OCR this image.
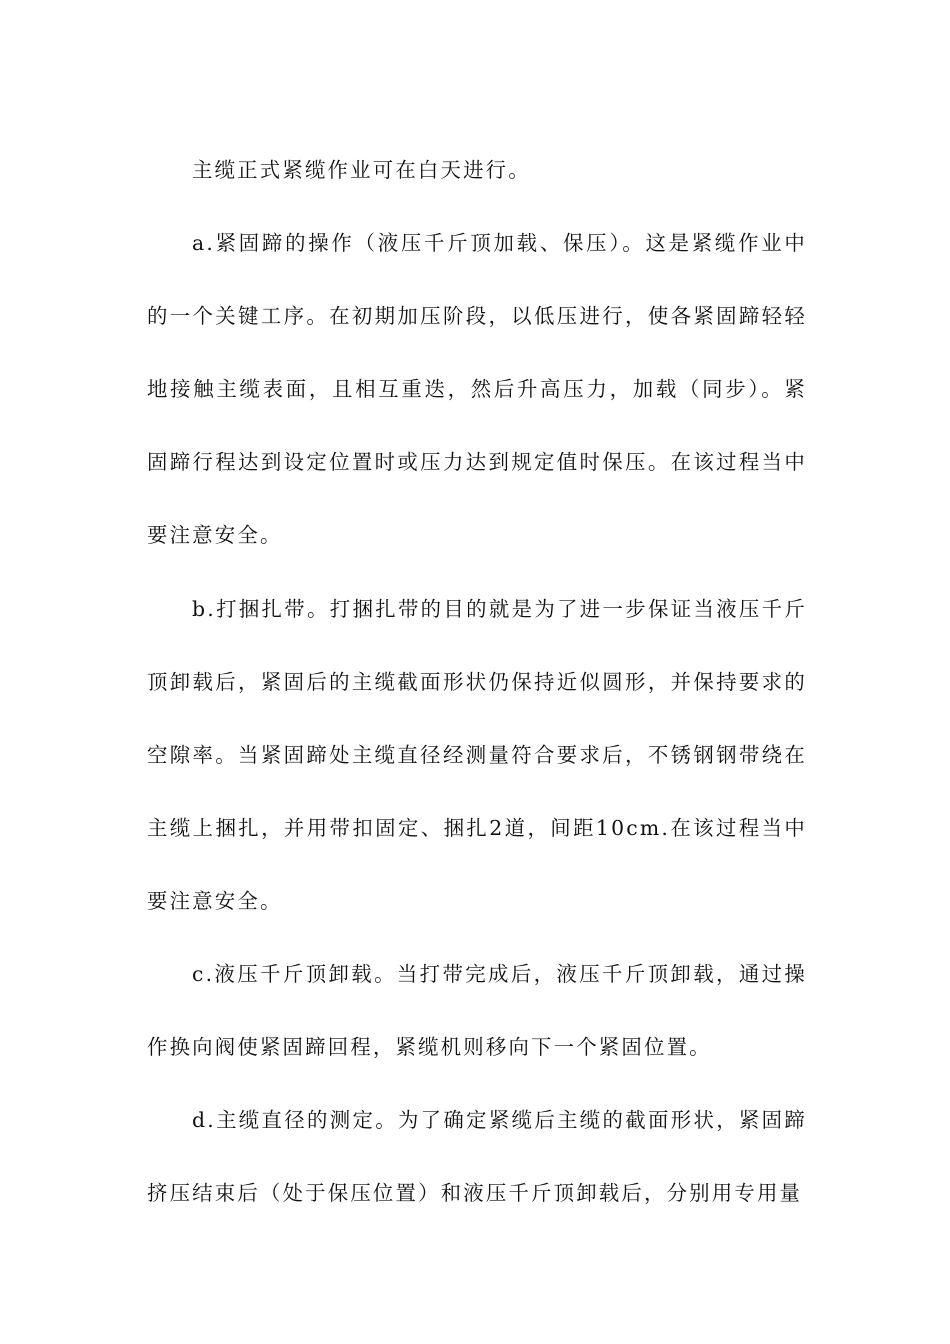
主缆正式紧缆作业可在白天进行。

a.紧固蹄的操作（液压千斤顶加载、保压）。这是紧缆作业中的一个关键工序。在初期加压阶段，以低压进行，使各紧固蹄轻轻地接触主缆表面，且相互重迭，然后升高压力，加载（同步）。紧固蹄行程达到设定位置时或压力达到规定值时保压。在该过程当中要注意安全。

b.打捆扎带。打捆扎带的目的就是为了进一步保证当液压千斤顶卸载后，紧固后的主缆截面形状仍保持近似圆形，并保持要求的空隙率。当紧固蹄处主缆直径经测量符合要求后，不锈钢钢带绕在主缆上捆扎，并用带扣固定、捆扎2道，间距10cm.在该过程当中要注意安全。

c.液压千斤顶卸载。当打带完成后，液压千斤顶卸载，通过操作换向阀使紧固蹄回程，紧缆机则移向下一个紧固位置。

d.主缆直径的测定。为了确定紧缆后主缆的截面形状，紧固蹄挤压结束后（处于保压位置）和液压千斤顶卸载后，分别用专用量
